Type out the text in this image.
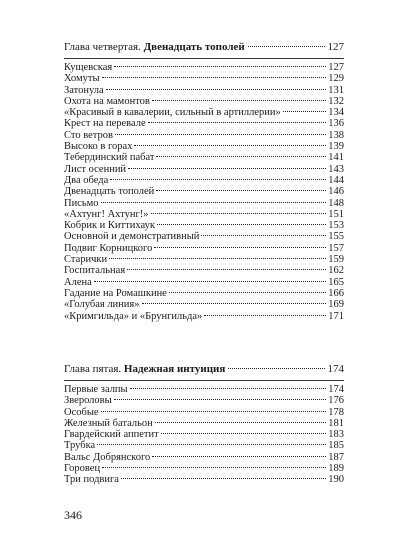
Глава четвертая. Двенадцать тополей	127
Кущевская	127
Хомуты	129
Затонула	131
Охота на мамонтов	132
«Красивый в кавалерии, сильный в артиллерии»	134
Крест на перевале	136
Сто ветров	138
Высоко в горах	139
Тебердинский пабат	141
Лист осенний	143
Два обеда	144
Двенадцать тополей	146
Письмо	148
«Ахтунг! Ахтунг!»	151
Кобрик и Киттихаук	153
Основной и демонстративный	155
Подвиг Корницкого	157
Старички	159
Госпитальная	162
Алена	165
Гадание на Ромашкине	166
«Голубая линия»	169
«Кримгильда» и «Брунгильда»	171
Глава пятая. Надежная интуиция	174
Первые залпы	174
Звероловы	176
Особые	178
Железный батальон	181
Гвардейский аппетит	183
Трубка	185
Вальс Добрянского	187
Горовец	189
Три подвига	190
346
